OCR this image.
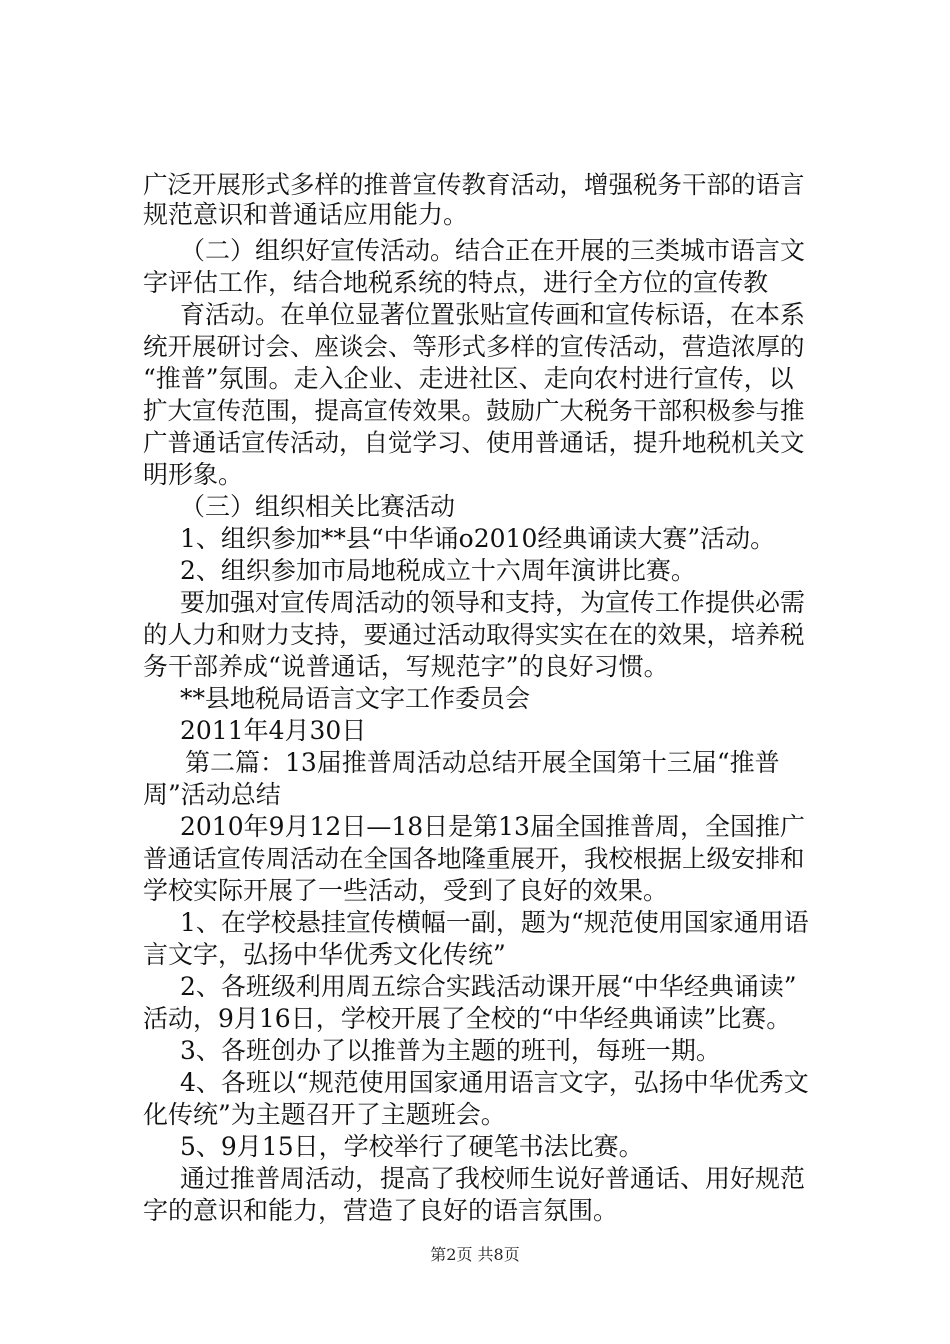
广泛开展形式多样的推普宣传教育活动，增强税务干部的语言
规范意识和普通话应用能力。
（二）组织好宣传活动。结合正在开展的三类城市语言文
字评估工作，结合地税系统的特点，进行全方位的宣传教
育活动。在单位显著位置张贴宣传画和宣传标语，在本系
统开展研讨会、座谈会、等形式多样的宣传活动，营造浓厚的
“推普”氛围。走入企业、走进社区、走向农村进行宣传，以
扩大宣传范围，提高宣传效果。鼓励广大税务干部积极参与推
广普通话宣传活动，自觉学习、使用普通话，提升地税机关文
明形象。
（三）组织相关比赛活动
1、组织参加**县“中华诵o2010经典诵读大赛”活动。
2、组织参加市局地税成立十六周年演讲比赛。
要加强对宣传周活动的领导和支持，为宣传工作提供必需
的人力和财力支持，要通过活动取得实实在在的效果，培养税
务干部养成“说普通话，写规范字”的良好习惯。
**县地税局语言文字工作委员会
2011年4月30日
第二篇：13届推普周活动总结开展全国第十三届“推普
周”活动总结
2010年9月12日—18日是第13届全国推普周，全国推广
普通话宣传周活动在全国各地隆重展开，我校根据上级安排和
学校实际开展了一些活动，受到了良好的效果。
1、在学校悬挂宣传横幅一副，题为“规范使用国家通用语
言文字，弘扬中华优秀文化传统”
2、各班级利用周五综合实践活动课开展“中华经典诵读”
活动，9月16日，学校开展了全校的“中华经典诵读”比赛。
3、各班创办了以推普为主题的班刊，每班一期。
4、各班以“规范使用国家通用语言文字，弘扬中华优秀文
化传统”为主题召开了主题班会。
5、9月15日，学校举行了硬笔书法比赛。
通过推普周活动，提高了我校师生说好普通话、用好规范
字的意识和能力，营造了良好的语言氛围。
第2页 共8页
